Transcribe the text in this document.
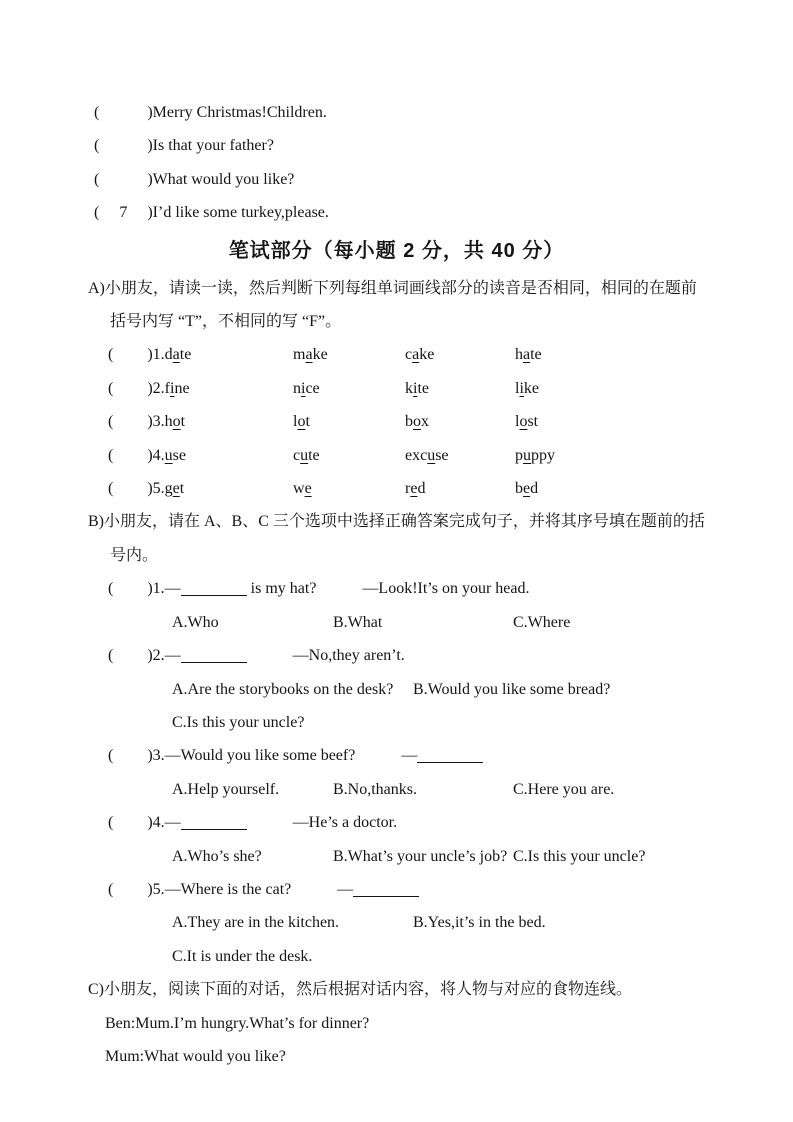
(	)Merry Christmas!Children.
(	)Is that your father?
(	)What would you like?
( 7 )I’d like some turkey,please.
笔试部分（每小题 2 分，共 40 分）
A)小朋友，请读一读，然后判断下列每组单词画线部分的读音是否相同，相同的在题前
括号内写 “T”，不相同的写 “F”。
( )1.date	make	cake	hate
( )2.fine	nice	kite	like
( )3.hot	lot	box	lost
( )4.use	cute	excuse	puppy
( )5.get	we	red	bed
B)小朋友，请在 A、B、C 三个选项中选择正确答案完成句子，并将其序号填在题前的括
号内。
( )1.—	is my hat?	—Look!It’s on your head.
A.Who	B.What	C.Where
( )2.—	—No,they aren’t.
A.Are the storybooks on the desk?	B.Would you like some bread?
C.Is this your uncle?
( )3.—Would you like some beef?	—
A.Help yourself.	B.No,thanks.	C.Here you are.
( )4.—	—He’s a doctor.
A.Who’s she?	B.What’s your uncle’s job? C.Is this your uncle?
( )5.—Where is the cat?	—
A.They are in the kitchen.	B.Yes,it’s in the bed.
C.It is under the desk.
C)小朋友，阅读下面的对话，然后根据对话内容，将人物与对应的食物连线。
Ben:Mum.I’m hungry.What’s for dinner?
Mum:What would you like?
